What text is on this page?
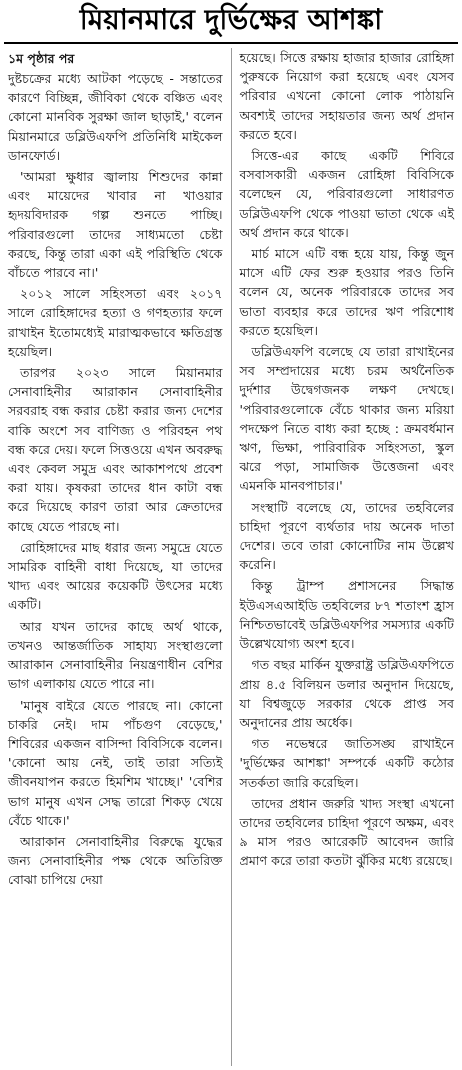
মিয়ানমারে দুর্ভিক্ষের আশঙ্কা
১ম পৃষ্ঠার পর

দুষ্টচক্রের মধ্যে আটকা পড়েছে - সন্তাতের কারণে বিচ্ছিন্ন, জীবিকা থেকে বঞ্চিত এবং কোনো মানবিক সুরক্ষা জাল ছাড়াই,' বলেন মিয়ানমারে ডব্লিউএফপি প্রতিনিধি মাইকেল ডানফোর্ড।

'আমরা ক্ষুধার জ্বালায় শিশুদের কান্না এবং মায়েদের খাবার না খাওয়ার হৃদয়বিদারক গল্প শুনতে পাচ্ছি। পরিবারগুলো তাদের সাধ্যমতো চেষ্টা করছে, কিন্তু তারা একা এই পরিস্থিতি থেকে বাঁচতে পারবে না।'

২০১২ সালে সহিংসতা এবং ২০১৭ সালে রোহিঙ্গাদের হত্যা ও গণহত্যার ফলে রাখাইন ইতোমধ্যেই মারাত্মকভাবে ক্ষতিগ্রস্ত হয়েছিল।

তারপর ২০২৩ সালে মিয়ানমার সেনাবাহিনীর আরাকান সেনাবাহিনীর সরবরাহ বন্ধ করার চেষ্টা করার জন্য দেশের বাকি অংশে সব বাণিজ্য ও পরিবহন পথ বন্ধ করে দেয়। ফলে সিত্তওয়ে এখন অবরুদ্ধ এবং কেবল সমুদ্র এবং আকাশপথে প্রবেশ করা যায়। কৃষকরা তাদের ধান কাটা বন্ধ করে দিয়েছে কারণ তারা আর ক্রেতাদের কাছে যেতে পারছে না।

রোহিঙ্গাদের মাছ ধরার জন্য সমুদ্রে যেতে সামরিক বাহিনী বাধা দিয়েছে, যা তাদের খাদ্য এবং আয়ের কয়েকটি উৎসের মধ্যে একটি।

আর যখন তাদের কাছে অর্থ থাকে, তখনও আন্তর্জাতিক সাহায্য সংস্থাগুলো আরাকান সেনাবাহিনীর নিয়ন্ত্রণাধীন বেশির ভাগ এলাকায় যেতে পারে না।

'মানুষ বাইরে যেতে পারছে না। কোনো চাকরি নেই। দাম পাঁচগুণ বেড়েছে,' শিবিরের একজন বাসিন্দা বিবিসিকে বলেন। 'কোনো আয় নেই, তাই তারা সত্যিই জীবনযাপন করতে হিমশিম খাচ্ছে।' 'বেশির ভাগ মানুষ এখন সেদ্ধ তারো শিকড় খেয়ে বেঁচে থাকে।'

আরাকান সেনাবাহিনীর বিরুদ্ধে যুদ্ধের জন্য সেনাবাহিনীর পক্ষ থেকে অতিরিক্ত বোঝা চাপিয়ে দেয়া

হয়েছে। সিত্তে রক্ষায় হাজার হাজার রোহিঙ্গা পুরুষকে নিয়োগ করা হয়েছে এবং যেসব পরিবার এখনো কোনো লোক পাঠায়নি অবশ্যই তাদের সহায়তার জন্য অর্থ প্রদান করতে হবে।

সিত্তে-এর কাছে একটি শিবিরে বসবাসকারী একজন রোহিঙ্গা বিবিসিকে বলেছেন যে, পরিবারগুলো সাধারণত ডব্লিউএফপি থেকে পাওয়া ভাতা থেকে এই অর্থ প্রদান করে থাকে।

মার্চ মাসে এটি বন্ধ হয়ে যায়, কিন্তু জুন মাসে এটি ফের শুরু হওয়ার পরও তিনি বলেন যে, অনেক পরিবারকে তাদের সব ভাতা ব্যবহার করে তাদের ঋণ পরিশোধ করতে হয়েছিল।

ডব্লিউএফপি বলেছে যে তারা রাখাইনের সব সম্প্রদায়ের মধ্যে চরম অর্থনৈতিক দুর্দশার উদ্বেগজনক লক্ষণ দেখছে। 'পরিবারগুলোকে বেঁচে থাকার জন্য মরিয়া পদক্ষেপ নিতে বাধ্য করা হচ্ছে : ক্রমবর্ধমান ঋণ, ভিক্ষা, পারিবারিক সহিংসতা, স্কুল ঝরে পড়া, সামাজিক উত্তেজনা এবং এমনকি মানবপাচার।'

সংস্থাটি বলেছে যে, তাদের তহবিলের চাহিদা পূরণে ব্যর্থতার দায় অনেক দাতা দেশের। তবে তারা কোনোটির নাম উল্লেখ করেনি।

কিন্তু ট্রাম্প প্রশাসনের সিদ্ধান্ত ইউএসএআইডি তহবিলের ৮৭ শতাংশ হ্রাস নিশ্চিতভাবেই ডব্লিউএফপির সমস্যার একটি উল্লেখযোগ্য অংশ হবে।

গত বছর মার্কিন যুক্তরাষ্ট্র ডব্লিউএফপিতে প্রায় ৪.৫ বিলিয়ন ডলার অনুদান দিয়েছে, যা বিশ্বজুড়ে সরকার থেকে প্রাপ্ত সব অনুদানের প্রায় অর্ধেক।

গত নভেম্বরে জাতিসঙ্ঘ রাখাইনে 'দুর্ভিক্ষের আশঙ্কা' সম্পর্কে একটি কঠোর সতর্কতা জারি করেছিল।

তাদের প্রধান জরুরি খাদ্য সংস্থা এখনো তাদের তহবিলের চাহিদা পূরণে অক্ষম, এবং ৯ মাস পরও আরেকটি আবেদন জারি প্রমাণ করে তারা কতটা ঝুঁকির মধ্যে রয়েছে।
